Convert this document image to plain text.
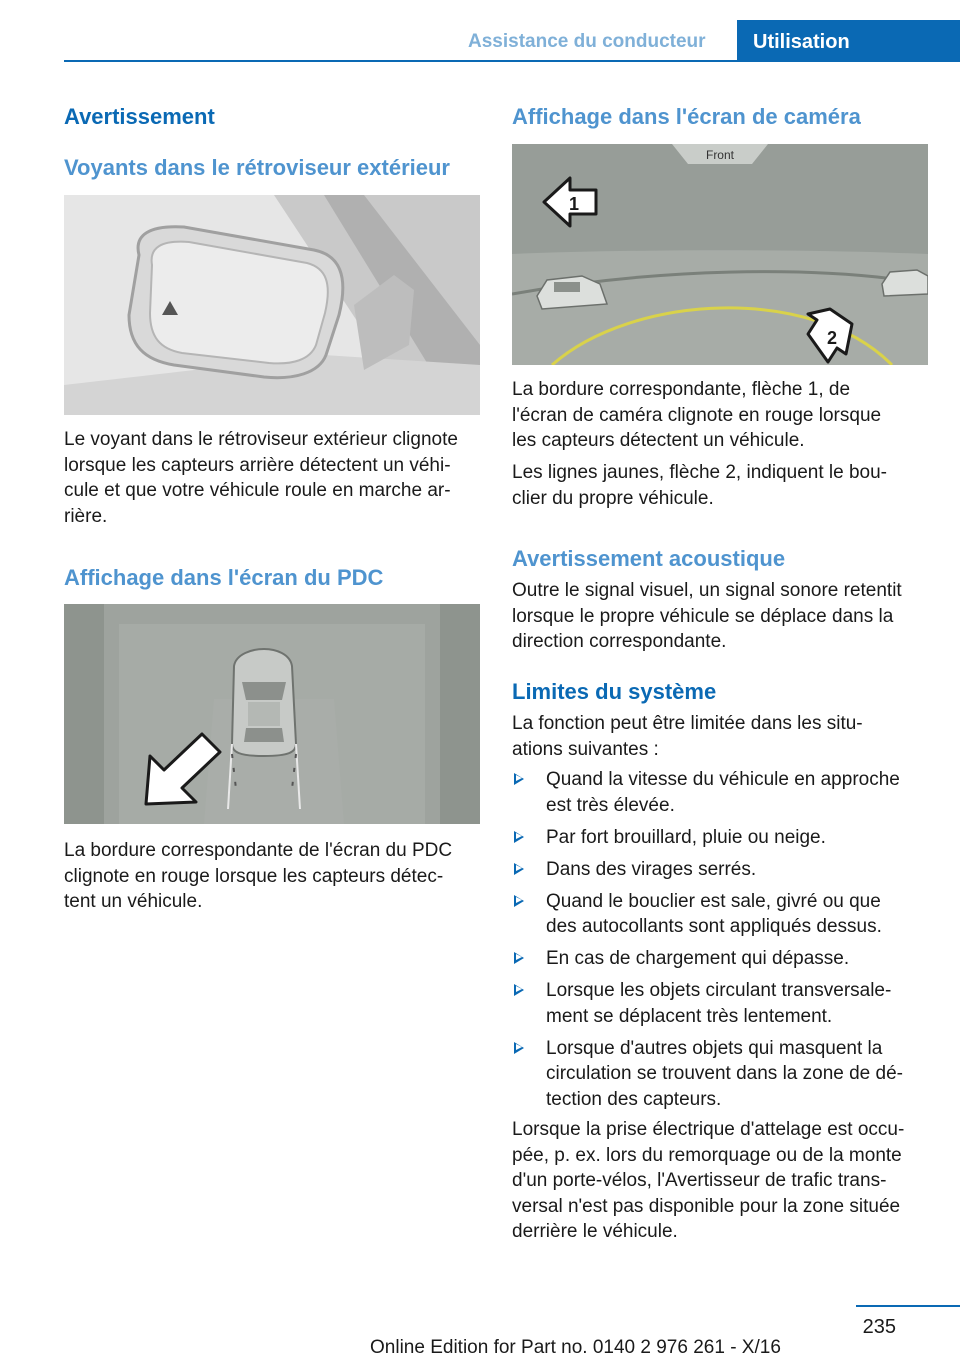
Assistance du conducteur	Utilisation
Avertissement
Voyants dans le rétroviseur extérieur
Le voyant dans le rétroviseur extérieur clignote
lorsque les capteurs arrière détectent un véhi‐
cule et que votre véhicule roule en marche ar‐
rière.
Affichage dans l'écran du PDC
La bordure correspondante de l'écran du PDC
clignote en rouge lorsque les capteurs détec‐
tent un véhicule.
Affichage dans l'écran de caméra
Front
1
2
La bordure correspondante, flèche 1, de
l'écran de caméra clignote en rouge lorsque
les capteurs détectent un véhicule.
Les lignes jaunes, flèche 2, indiquent le bou‐
clier du propre véhicule.
Avertissement acoustique
Outre le signal visuel, un signal sonore retentit
lorsque le propre véhicule se déplace dans la
direction correspondante.
Limites du système
La fonction peut être limitée dans les situ‐
ations suivantes :
Quand la vitesse du véhicule en approche
est très élevée.
Par fort brouillard, pluie ou neige.
Dans des virages serrés.
Quand le bouclier est sale, givré ou que
des autocollants sont appliqués dessus.
En cas de chargement qui dépasse.
Lorsque les objets circulant transversale‐
ment se déplacent très lentement.
Lorsque d'autres objets qui masquent la
circulation se trouvent dans la zone de dé‐
tection des capteurs.
Lorsque la prise électrique d'attelage est occu‐
pée, p. ex. lors du remorquage ou de la monte
d'un porte-vélos, l'Avertisseur de trafic trans‐
versal n'est pas disponible pour la zone située
derrière le véhicule.
235
Online Edition for Part no. 0140 2 976 261 - X/16
